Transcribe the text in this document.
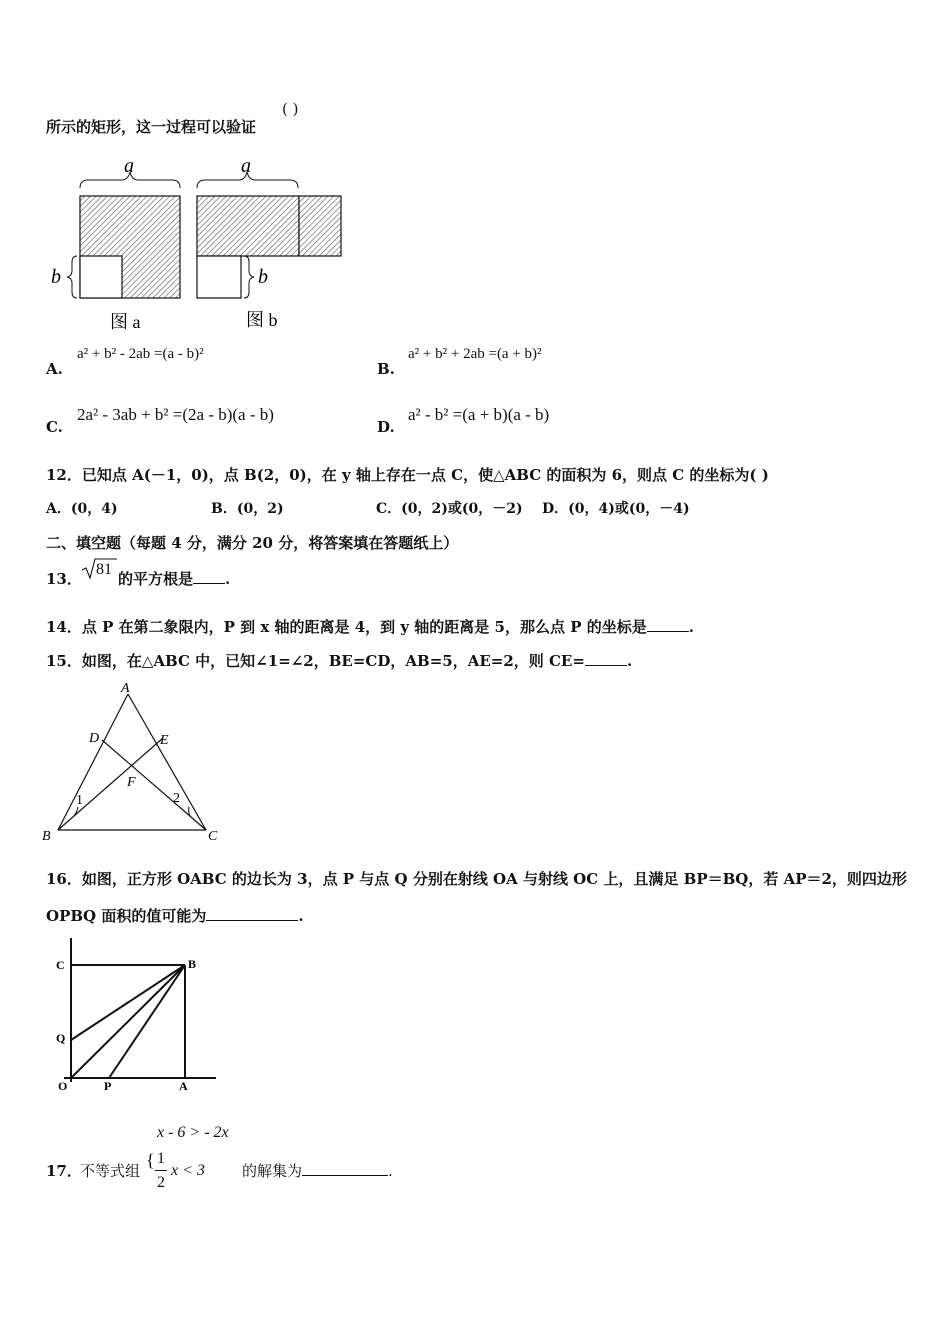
所示的矩形，这一过程可以验证
( )
a
b
图 a
a
b
图 b
A.
a² + b² - 2ab =(a - b)²
B.
a² + b² + 2ab =(a + b)²
C.
2a² - 3ab + b² =(2a - b)(a - b)
D.
a² - b² =(a + b)(a - b)
12．已知点 A(－1，0)，点 B(2，0)，在 y 轴上存在一点 C，使△ABC 的面积为 6，则点 C 的坐标为( )
A．(0，4)	B．(0，2)	C．(0，2)或(0，－2) D．(0，4)或(0，－4)
二、填空题（每题 4 分，满分 20 分，将答案填在答题纸上）
13．
81
的平方根是 .
14．点 P 在第二象限内，P 到 x 轴的距离是 4，到 y 轴的距离是 5，那么点 P 的坐标是	.
15．如图，在△ABC 中，已知∠1=∠2，BE=CD，AB=5，AE=2，则 CE=	.
A
B	C
D	E
F
1	2
16．如图，正方形 OABC 的边长为 3，点 P 与点 Q 分别在射线 OA 与射线 OC 上，且满足 BP＝BQ，若 AP＝2，则四边形
OPBQ 面积的值可能为	.
C	B
Q
O	P	A
x - 6 > - 2x
17．
不等式组
{ 1
2
x < 3 的解集为	.
